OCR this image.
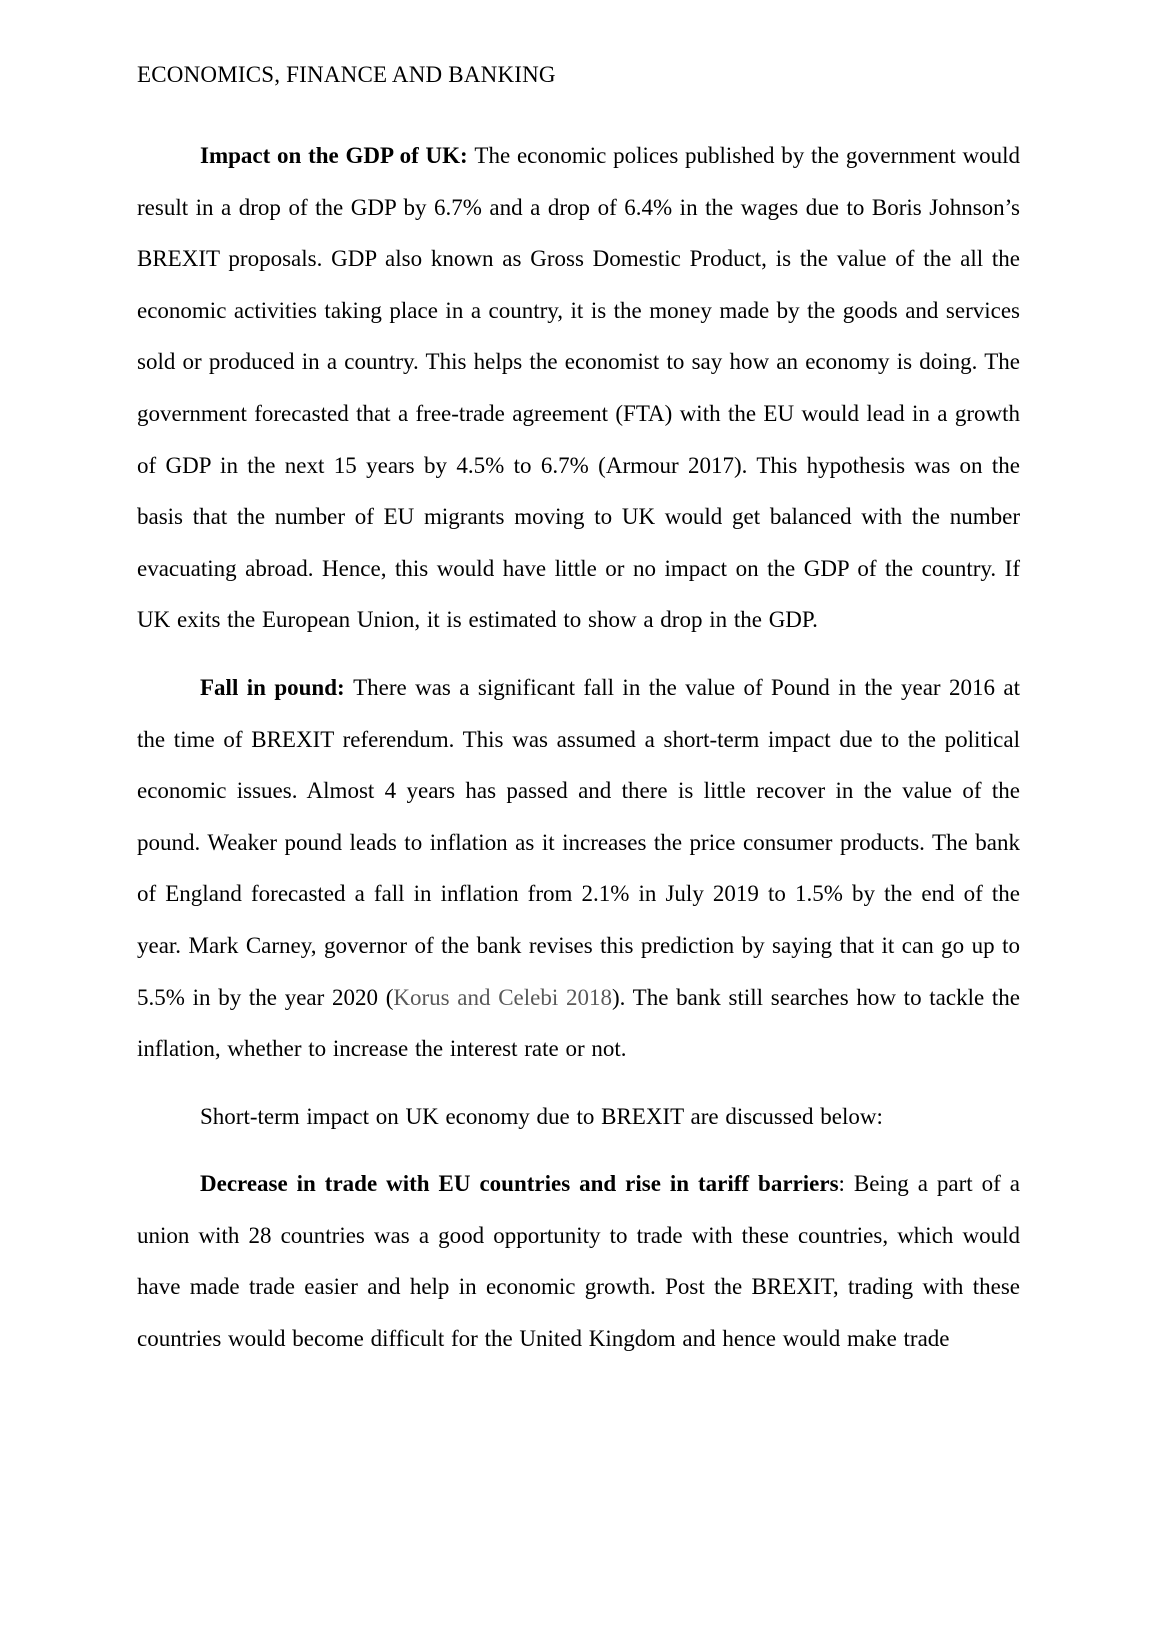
ECONOMICS, FINANCE AND BANKING

Impact on the GDP of UK: The economic polices published by the government would result in a drop of the GDP by 6.7% and a drop of 6.4% in the wages due to Boris Johnson’s BREXIT proposals. GDP also known as Gross Domestic Product, is the value of the all the economic activities taking place in a country, it is the money made by the goods and services sold or produced in a country. This helps the economist to say how an economy is doing. The government forecasted that a free-trade agreement (FTA) with the EU would lead in a growth of GDP in the next 15 years by 4.5% to 6.7% (Armour 2017). This hypothesis was on the basis that the number of EU migrants moving to UK would get balanced with the number evacuating abroad. Hence, this would have little or no impact on the GDP of the country. If UK exits the European Union, it is estimated to show a drop in the GDP.

Fall in pound: There was a significant fall in the value of Pound in the year 2016 at the time of BREXIT referendum. This was assumed a short-term impact due to the political economic issues. Almost 4 years has passed and there is little recover in the value of the pound. Weaker pound leads to inflation as it increases the price consumer products. The bank of England forecasted a fall in inflation from 2.1% in July 2019 to 1.5% by the end of the year. Mark Carney, governor of the bank revises this prediction by saying that it can go up to 5.5% in by the year 2020 (Korus and Celebi 2018). The bank still searches how to tackle the inflation, whether to increase the interest rate or not.

Short-term impact on UK economy due to BREXIT are discussed below:

Decrease in trade with EU countries and rise in tariff barriers: Being a part of a union with 28 countries was a good opportunity to trade with these countries, which would have made trade easier and help in economic growth. Post the BREXIT, trading with these countries would become difficult for the United Kingdom and hence would make trade
